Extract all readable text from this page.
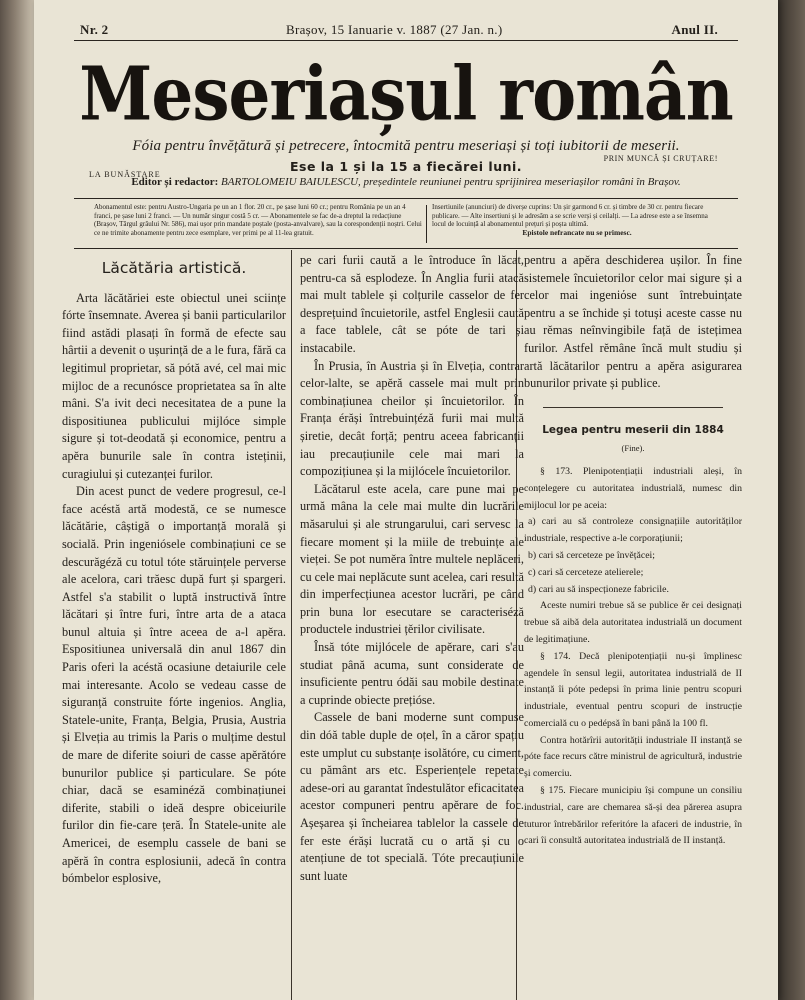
Nr. 2	Brașov, 15 Ianuarie v. 1887 (27 Jan. n.)	Anul II.
Meseriașul român
Fóia pentru învĕțătură și petrecere, întocmită pentru meseriași și toți iubitorii de meserii.
PRIN MUNCĂ ȘI CRUȚARE!
LA BUNĂSTARE
Ese la 1 și la 15 a fiecărei luni.
Editor și redactor: BARTOLOMEIU BAIULESCU, președintele reuniunei pentru sprijinirea meseriașilor români în Brașov.
Abonamentul este: pentru Austro-Ungaria pe un an 1 flor. 20 cr., pe șase luni 60 cr.; pentru România pe un an 4 franci, pe șase luni 2 franci. — Un număr singur costă 5 cr. — Abonamentele se fac de-a dreptul la redacțiune (Brașov, Târgul grâului Nr. 586), mai ușor prin mandate poștale (posta-anvalvare), sau la corespondenții noștri. Celui ce ne trimite abonamente pentru zece esemplare, ver primi pe al 11-lea gratuit.
Insertiunile (anunciuri) de diverșe cuprins: Un șir garmond 6 cr. și timbre de 30 cr. pentru fiecare publicare. — Alte insertiuni și le adresăm a se scrie verși și ceilalți. — La adrese este a se însemna locul de locuință al abonamentul prețuri și poșta ultimă.
Epistole nefrancate nu se primesc.
Lăcătăria artistică.

Arta lăcătăriei este obiectul unei sciințe fórte însemnate. Averea și banii particularilor fiind astădi plasați în formă de efecte sau hârtii a devenit o ușurință de a le fura, fără ca legitimul proprietar, să pótă avé, cel mai mic mijloc de a recunósce proprietatea sa în alte mâni. S'a ivit deci necesitatea de a pune la dispositiunea publicului mijlóce simple sigure și tot-deodată și economice, pentru a apěra bunurile sale în contra isteținii, curagiului și cutezanței furilor.

Din acest punct de vedere progresul, ce-l face acéstă artă modestă, ce se numesce lăcătărie, câștigă o importanță morală și socială. Prin ingeniósele combinațiuni ce se descurăgéză cu totul tóte stăruințele perverse ale acelora, cari trăesc după furt și spargeri. Astfel s'a stabilit o luptă instructivă între lăcătari și între furi, între arta de a ataca bunul altuia și între aceea de a-l apěra. Espositiunea universală din anul 1867 din Paris oferi la acéstă ocasiune detaiurile cele mai interesante. Acolo se vedeau casse de siguranță construite fórte ingenios. Anglia, Statele-unite, Franța, Belgia, Prusia, Austria și Elveția au trimis la Paris o mulțime destul de mare de diferite soiuri de casse apěrătóre bunurilor publice și particulare. Se póte chiar, dacă se esaminéză combinațiunei diferite, stabili o ideă despre obiceiurile furilor din fie-care țeră. În Statele-unite ale Americei, de esemplu cassele de bani se apěră în contra esplosiunii, adecă în contra bómbelor esplosive,

pe cari furii caută a le întroduce în lăcat, pentru-ca să esplodeze. În Anglia furii atacă mai mult tablele și colțurile casselor de fer desprețuind încuietorile, astfel Englesii caută a face tablele, cât se póte de tari și instacabile.

În Prusia, în Austria și în Elveția, contrar celor-lalte, se apěră cassele mai mult prin combinațiunea cheilor și încuietorilor. În Franța érăși întrebuințéză furii mai multă șiretie, decât forță; pentru aceea fabricanții iau precauțiunile cele mai mari la compozițiunea și la mijlócele încuietorilor.

Lăcătarul este acela, care pune mai pe urmă mâna la cele mai multe din lucrările măsarului și ale strungarului, cari servesc la fiecare moment și la miile de trebuințe ale vieței. Se pot numěra între multele neplăceri, cu cele mai neplăcute sunt acelea, cari resultă din imperfecțiunea acestor lucrări, pe când prin buna lor esecutare se caracteriséză productele industriei țěrilor civilisate.

Însă tóte mijlócele de apěrare, cari s'au studiat până acuma, sunt considerate de insuficiente pentru ódăi sau mobile destinate a cuprinde obiecte prețióse.

Cassele de bani moderne sunt compuse din dóă table duple de oțel, în a căror spațiu este umplut cu substanțe isolătóre, cu ciment, cu pământ ars etc. Esperiențele repetate adese-ori au garantat îndestulător eficacitatea acestor compuneri pentru apěrare de foc. Așeșarea și încheiarea tablelor la cassele de fer este érăși lucrată cu o artă și cu o atențiune de tot specială. Tóte precauțiunile sunt luate

pentru a apěra deschiderea ușilor. În fine sistemele încuietorilor celor mai sigure și a celor mai ingeniόse sunt întrebuințate pentru a se închide și totuși aceste casse nu au rěmas neînvingibile față de istețimea furilor. Astfel rĕmâne încă mult studiu și artă lăcătarilor pentru a apěra asigurarea bunurilor private și publice.

Legea pentru meserii din 1884
(Fine).

§ 173. Plenipotențiații industriali aleși, în conțelegere cu autoritatea industrială, numesc din mijlocul lor pe aceia:

a) cari au să controleze consignațiile autorităților industriale, respective a-le corporațiunii;

b) cari să cerceteze pe învĕțăcei;

c) cari să cerceteze atelierele;

d) cari au să inspecționeze fabricile.

Aceste numiri trebue să se publice ěr cei designați trebue să aibă dela autoritatea industrială un document de legitimațiune.

§ 174. Decă plenipotențiații nu-și împlinesc agendele în sensul legii, autoritatea industrială de II instanță îi póte pedepsi în prima linie pentru scopuri industriale, eventual pentru scopuri de instrucție comercială cu o pedépsă în bani până la 100 fl.

Contra hotărîrii autorității industriale II instanță se póte face recurs către ministrul de agricultură, industrie și comerciu.

§ 175. Fiecare municipiu își compune un consiliu industrial, care are chemarea să-și dea părerea asupra tuturor întrebărilor referitóre la afaceri de industrie, în cari îi consultă autoritatea industrială de II instanță.
